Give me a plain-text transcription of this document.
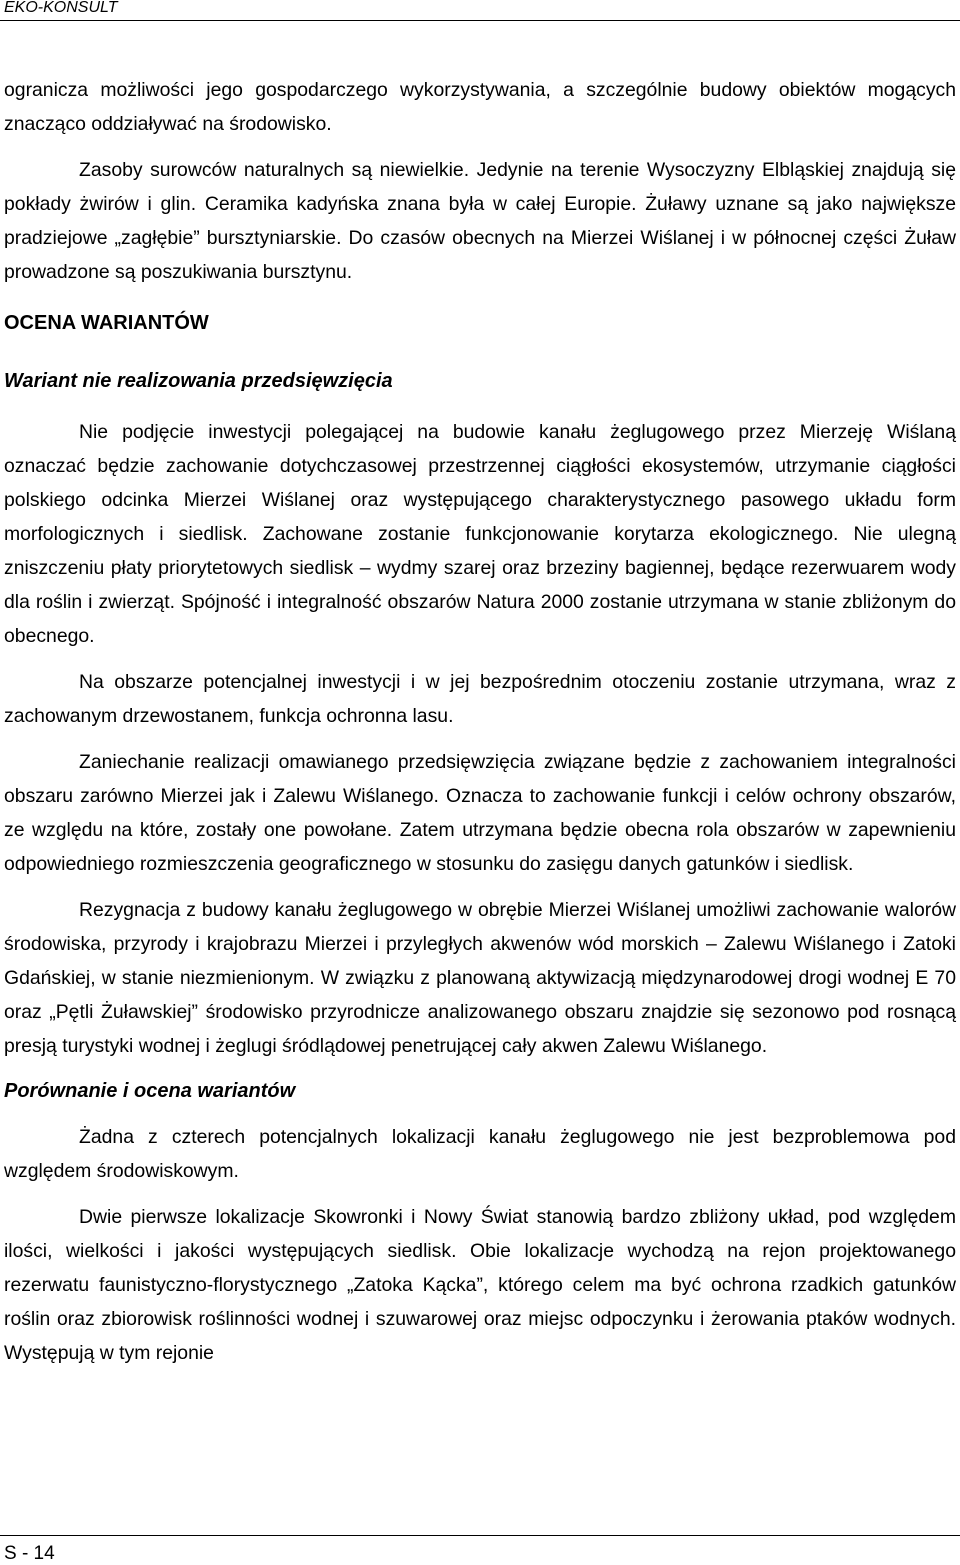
EKO-KONSULT

ogranicza możliwości jego gospodarczego wykorzystywania, a szczególnie budowy obiektów mogących znacząco oddziaływać na środowisko.

Zasoby surowców naturalnych są niewielkie. Jedynie na terenie Wysoczyzny Elbląskiej znajdują się pokłady żwirów i glin. Ceramika kadyńska znana była w całej Europie. Żuławy uznane są jako największe pradziejowe „zagłębie” bursztyniarskie. Do czasów obecnych na Mierzei Wiślanej i w północnej części Żuław prowadzone są poszukiwania bursztynu.

OCENA WARIANTÓW

Wariant nie realizowania przedsięwzięcia

Nie podjęcie inwestycji polegającej na budowie kanału żeglugowego przez Mierzeję Wiślaną oznaczać będzie zachowanie dotychczasowej przestrzennej ciągłości ekosystemów, utrzymanie ciągłości polskiego odcinka Mierzei Wiślanej oraz występującego charakterystycznego pasowego układu form morfologicznych i siedlisk. Zachowane zostanie funkcjonowanie korytarza ekologicznego. Nie ulegną zniszczeniu płaty priorytetowych siedlisk – wydmy szarej oraz brzeziny bagiennej, będące rezerwuarem wody dla roślin i zwierząt. Spójność i integralność obszarów Natura 2000 zostanie utrzymana w stanie zbliżonym do obecnego.

Na obszarze potencjalnej inwestycji i w jej bezpośrednim otoczeniu zostanie utrzymana, wraz z zachowanym drzewostanem, funkcja ochronna lasu.

Zaniechanie realizacji omawianego przedsięwzięcia związane będzie z zachowaniem integralności obszaru zarówno Mierzei jak i Zalewu Wiślanego. Oznacza to zachowanie funkcji i celów ochrony obszarów, ze względu na które, zostały one powołane. Zatem utrzymana będzie obecna rola obszarów w zapewnieniu odpowiedniego rozmieszczenia geograficznego w stosunku do zasięgu danych gatunków i siedlisk.

Rezygnacja z budowy kanału żeglugowego w obrębie Mierzei Wiślanej umożliwi zachowanie walorów środowiska, przyrody i krajobrazu Mierzei i przyległych akwenów wód morskich – Zalewu Wiślanego i Zatoki Gdańskiej, w stanie niezmienionym. W związku z planowaną aktywizacją międzynarodowej drogi wodnej E 70 oraz „Pętli Żuławskiej” środowisko przyrodnicze analizowanego obszaru znajdzie się sezonowo pod rosnącą presją turystyki wodnej i żeglugi śródlądowej penetrującej cały akwen Zalewu Wiślanego.

Porównanie i ocena wariantów

Żadna z czterech potencjalnych lokalizacji kanału żeglugowego nie jest bezproblemowa pod względem środowiskowym.

Dwie pierwsze lokalizacje Skowronki i Nowy Świat stanowią bardzo zbliżony układ, pod względem ilości, wielkości i jakości występujących siedlisk. Obie lokalizacje wychodzą na rejon projektowanego rezerwatu faunistyczno-florystycznego „Zatoka Kącka”, którego celem ma być ochrona rzadkich gatunków roślin oraz zbiorowisk roślinności wodnej i szuwarowej oraz miejsc odpoczynku i żerowania ptaków wodnych. Występują w tym rejonie

S - 14
